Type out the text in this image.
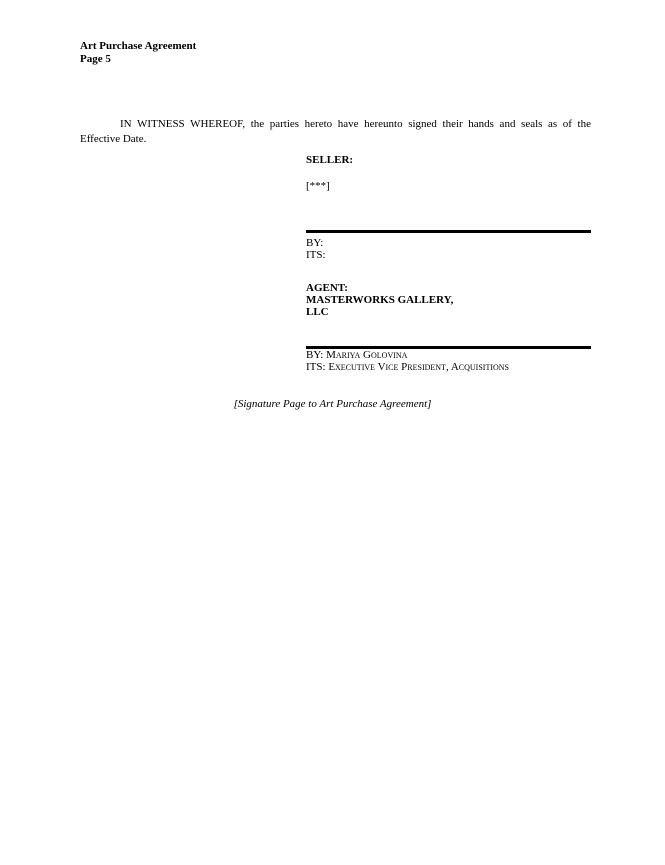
Art Purchase Agreement
Page 5
IN WITNESS WHEREOF, the parties hereto have hereunto signed their hands and seals as of the Effective Date.
SELLER:
[***]
BY:
ITS:
AGENT:
MASTERWORKS GALLERY,
LLC
BY: Mariya Golovina
ITS: Executive Vice President, Acquisitions
[Signature Page to Art Purchase Agreement]
